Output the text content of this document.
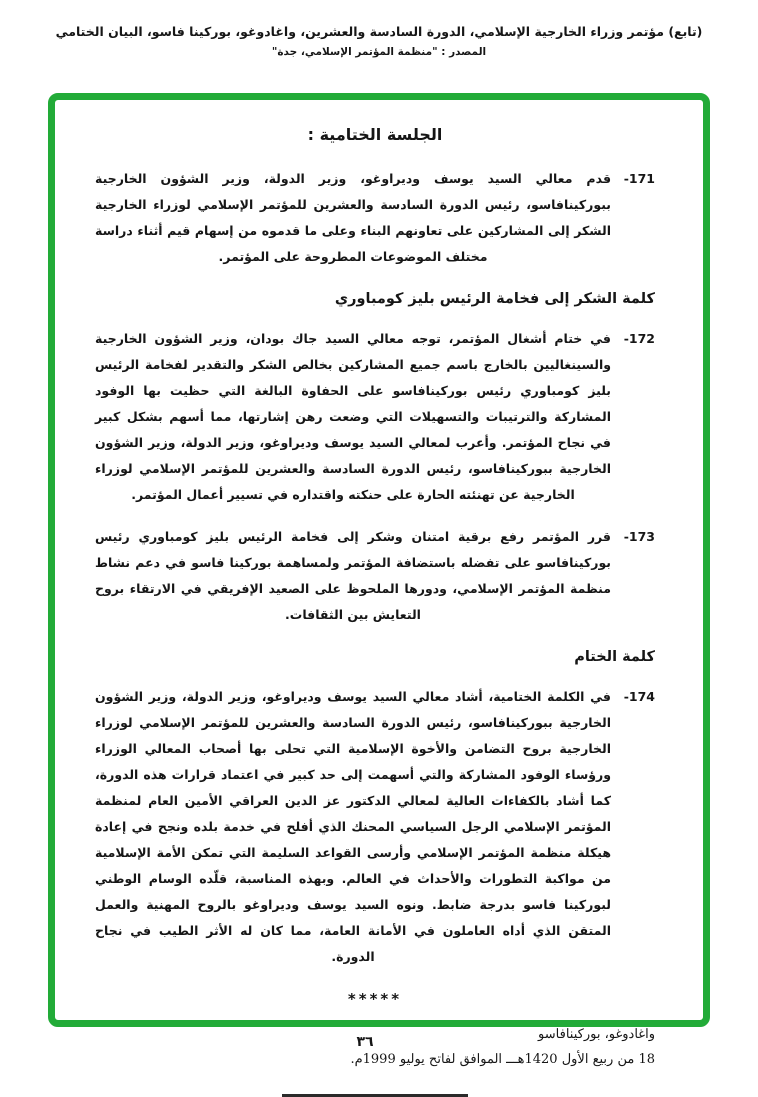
(تابع) مؤتمر وزراء الخارجية الإسلامي، الدورة السادسة والعشرين، واغادوغو، بوركينا فاسو، البيان الختامي
المصدر : "منظمة المؤتمر الإسلامي، جدة"
الجلسة الختامية :
-171
قدم معالي السيد يوسف وديراوغو، وزير الدولة، وزير الشؤون الخارجية ببوركينافاسو، رئيس الدورة السادسة والعشرين للمؤتمر الإسلامي لوزراء الخارجية الشكر إلى المشاركين على تعاونهم البناء وعلى ما قدموه من إسهام قيم أثناء دراسة مختلف الموضوعات المطروحة على المؤتمر.
كلمة الشكر إلى فخامة الرئيس بليز كومباوري
-172
في ختام أشغال المؤتمر، توجه معالي السيد جاك بودان، وزير الشؤون الخارجية والسينغاليين بالخارج باسم جميع المشاركين بخالص الشكر والتقدير لفخامة الرئيس بليز كومباوري رئيس بوركينافاسو على الحفاوة البالغة التي حظيت بها الوفود المشاركة والترتيبات والتسهيلات التي وضعت رهن إشارتها، مما أسهم بشكل كبير في نجاح المؤتمر. وأعرب لمعالي السيد يوسف وديراوغو، وزير الدولة، وزير الشؤون الخارجية ببوركينافاسو، رئيس الدورة السادسة والعشرين للمؤتمر الإسلامي لوزراء الخارجية عن تهنئته الحارة على حنكته واقتداره في تسيير أعمال المؤتمر.
-173
قرر المؤتمر رفع برقية امتنان وشكر إلى فخامة الرئيس بليز كومباوري رئيس بوركينافاسو على تفضله باستضافة المؤتمر ولمساهمة بوركينا فاسو في دعم نشاط منظمة المؤتمر الإسلامي، ودورها الملحوظ على الصعيد الإفريقي في الارتقاء بروح التعايش بين الثقافات.
كلمة الختام
-174
في الكلمة الختامية، أشاد معالي السيد يوسف وديراوغو، وزير الدولة، وزير الشؤون الخارجية ببوركينافاسو، رئيس الدورة السادسة والعشرين للمؤتمر الإسلامي لوزراء الخارجية بروح التضامن والأخوة الإسلامية التي تحلى بها أصحاب المعالي الوزراء ورؤساء الوفود المشاركة والتي أسهمت إلى حد كبير في اعتماد قرارات هذه الدورة، كما أشاد بالكفاءات العالية لمعالي الدكتور عز الدين العراقي الأمين العام لمنظمة المؤتمر الإسلامي الرجل السياسي المحنك الذي أفلح في خدمة بلده ونجح في إعادة هيكلة منظمة المؤتمر الإسلامي وأرسى القواعد السليمة التي تمكن الأمة الإسلامية من مواكبة التطورات والأحداث في العالم. وبهذه المناسبة، قلّده الوسام الوطني لبوركينا فاسو بدرجة ضابط. ونوه السيد يوسف وديراوغو بالروح المهنية والعمل المتقن الذي أداه العاملون في الأمانة العامة، مما كان له الأثر الطيب في نجاح الدورة.
*****
واغادوغو، بوركينافاسو
18 من ربيع الأول 1420هـــ الموافق لفاتح يوليو 1999م.
٣٦
